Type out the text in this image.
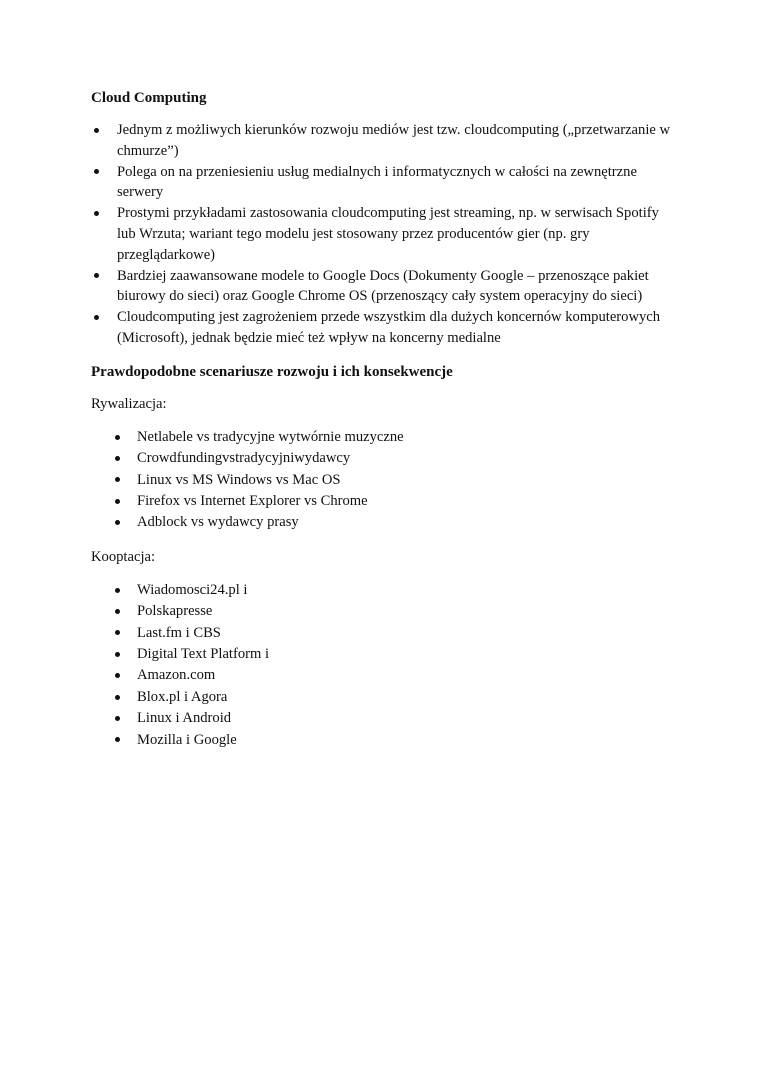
Cloud Computing

Jednym z możliwych kierunków rozwoju mediów jest tzw. cloudcomputing („przetwarzanie w chmurze”)
Polega on na przeniesieniu usług medialnych i informatycznych w całości na zewnętrzne serwery
Prostymi przykładami zastosowania cloudcomputing jest streaming, np. w serwisach Spotify lub Wrzuta; wariant tego modelu jest stosowany przez producentów gier (np. gry przeglądarkowe)
Bardziej zaawansowane modele to Google Docs (Dokumenty Google – przenoszące pakiet biurowy do sieci) oraz Google Chrome OS (przenoszący cały system operacyjny do sieci)
Cloudcomputing jest zagrożeniem przede wszystkim dla dużych koncernów komputerowych (Microsoft), jednak będzie mieć też wpływ na koncerny medialne

Prawdopodobne scenariusze rozwoju i ich konsekwencje

Rywalizacja:

Netlabele vs tradycyjne wytwórnie muzyczne
Crowdfundingvstradycyjniwydawcy
Linux vs MS Windows vs Mac OS
Firefox vs Internet Explorer vs Chrome
Adblock vs wydawcy prasy

Kooptacja:

Wiadomosci24.pl i
Polskapresse
Last.fm i CBS
Digital Text Platform i
Amazon.com
Blox.pl i Agora
Linux i Android
Mozilla i Google
